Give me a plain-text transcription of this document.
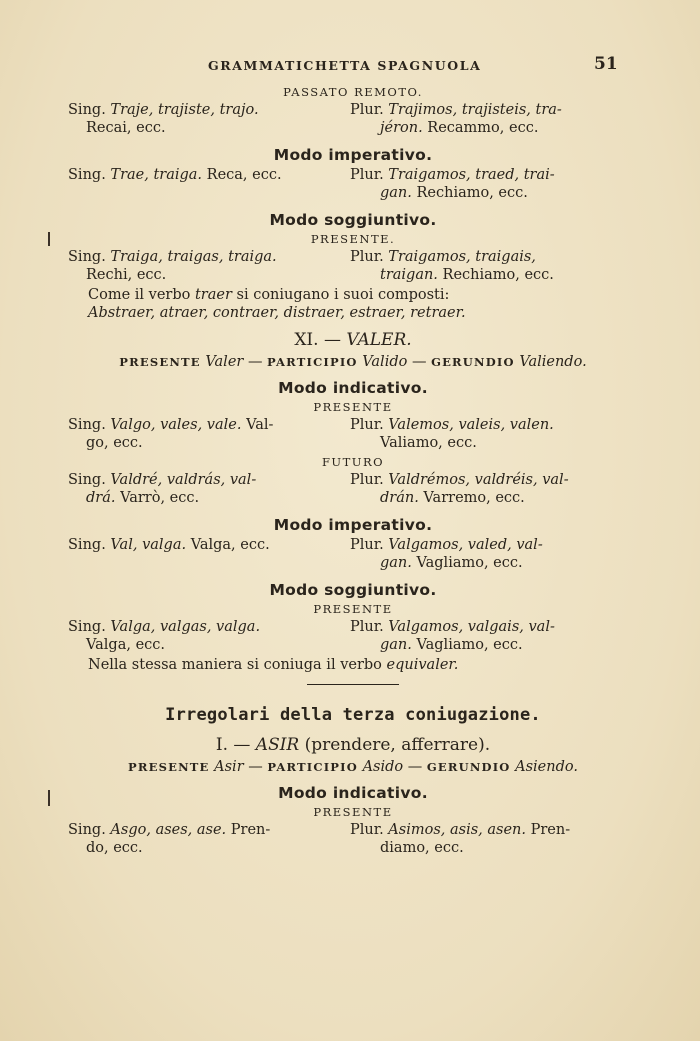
GRAMMATICHETTA SPAGNUOLA	51
PASSATO REMOTO.
Sing. Traje, trajiste, trajo.
Recai, ecc.
Plur. Trajimos, trajisteis, tra-
jéron. Recammo, ecc.
Modo imperativo.
Sing. Trae, traiga. Reca, ecc.	Plur. Traigamos, traed, trai-
gan. Rechiamo, ecc.
Modo soggiuntivo.
PRESENTE.
Sing. Traiga, traigas, traiga.
Rechi, ecc.
Plur. Traigamos, traigais,
traigan. Rechiamo, ecc.
Come il verbo traer si coniugano i suoi composti:
Abstraer, atraer, contraer, distraer, estraer, retraer.
XI. — VALER.
PRESENTE Valer — PARTICIPIO Valido — GERUNDIO Valiendo.
Modo indicativo.
PRESENTE
Sing. Valgo, vales, vale. Val-
go, ecc.
Plur. Valemos, valeis, valen.
Valiamo, ecc.
FUTURO
Sing. Valdré, valdrás, val-
drá. Varrò, ecc.
Plur. Valdrémos, valdréis, val-
drán. Varremo, ecc.
Modo imperativo.
Sing. Val, valga. Valga, ecc.	Plur. Valgamos, valed, val-
gan. Vagliamo, ecc.
Modo soggiuntivo.
PRESENTE
Sing. Valga, valgas, valga.
Valga, ecc.
Plur. Valgamos, valgais, val-
gan. Vagliamo, ecc.
Nella stessa maniera si coniuga il verbo equivaler.
Irregolari della terza coniugazione.
I. — ASIR (prendere, afferrare).
PRESENTE Asir — PARTICIPIO Asido — GERUNDIO Asiendo.
Modo indicativo.
PRESENTE
Sing. Asgo, ases, ase. Pren-
do, ecc.
Plur. Asimos, asis, asen. Pren-
diamo, ecc.
